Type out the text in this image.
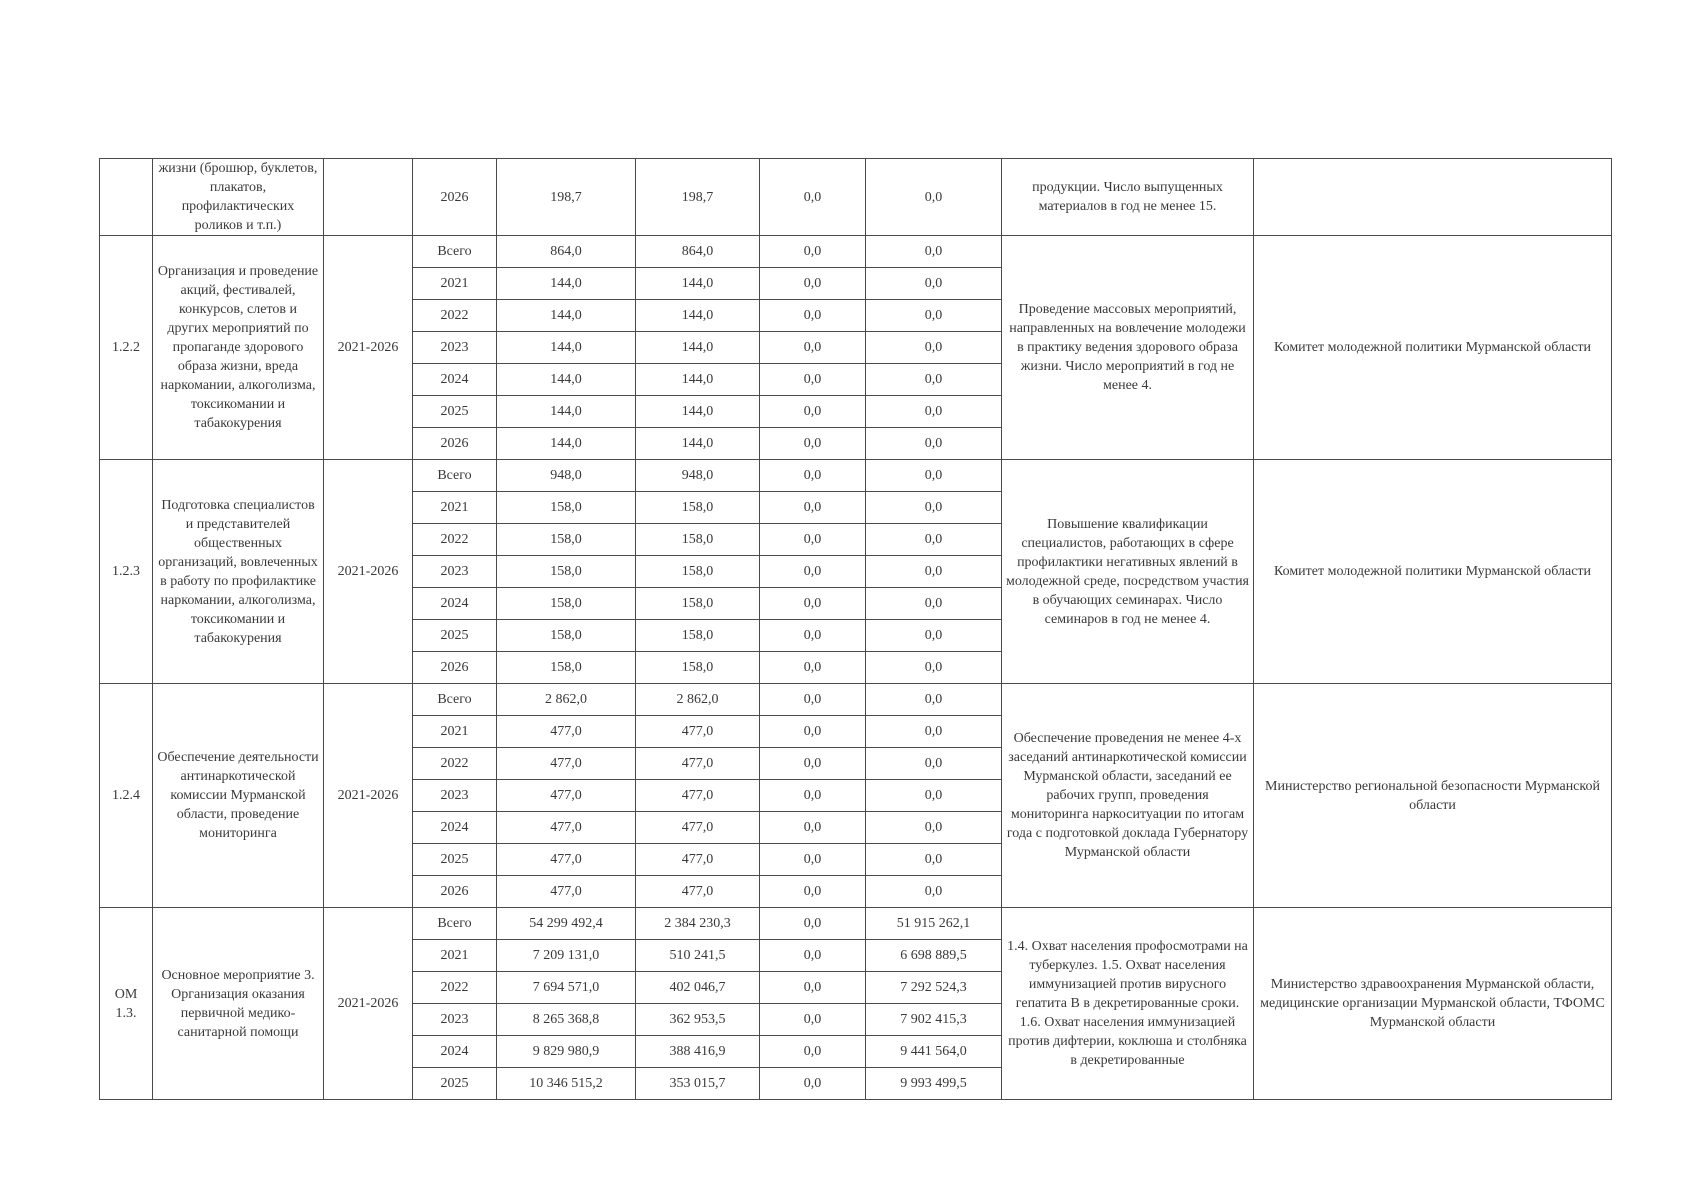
	жизни (брошюр, буклетов, плакатов, профилактических роликов и т.п.)		2026	198,7	198,7	0,0	0,0	продукции. Число выпущенных материалов в год не менее 15.	
1.2.2	Организация и проведение акций, фестивалей, конкурсов, слетов и других мероприятий по пропаганде здорового образа жизни, вреда наркомании, алкоголизма, токсикомании и табакокурения	2021-2026	Всего	864,0	864,0	0,0	0,0	Проведение массовых мероприятий, направленных на вовлечение молодежи в практику ведения здорового образа жизни. Число мероприятий в год не менее 4.	Комитет молодежной политики Мурманской области
			2021	144,0	144,0	0,0	0,0		
			2022	144,0	144,0	0,0	0,0		
			2023	144,0	144,0	0,0	0,0		
			2024	144,0	144,0	0,0	0,0		
			2025	144,0	144,0	0,0	0,0		
			2026	144,0	144,0	0,0	0,0		
1.2.3	Подготовка специалистов и представителей общественных организаций, вовлеченных в работу по профилактике наркомании, алкоголизма, токсикомании и табакокурения	2021-2026	Всего	948,0	948,0	0,0	0,0	Повышение квалификации специалистов, работающих в сфере профилактики негативных явлений в молодежной среде, посредством участия в обучающих семинарах. Число семинаров в год не менее 4.	Комитет молодежной политики Мурманской области
			2021	158,0	158,0	0,0	0,0		
			2022	158,0	158,0	0,0	0,0		
			2023	158,0	158,0	0,0	0,0		
			2024	158,0	158,0	0,0	0,0		
			2025	158,0	158,0	0,0	0,0		
			2026	158,0	158,0	0,0	0,0		
1.2.4	Обеспечение деятельности антинаркотической комиссии Мурманской области, проведение мониторинга	2021-2026	Всего	2 862,0	2 862,0	0,0	0,0	Обеспечение проведения не менее 4-х заседаний антинаркотической комиссии Мурманской области, заседаний ее рабочих групп, проведения мониторинга наркоситуации по итогам года с подготовкой доклада Губернатору Мурманской области	Министерство региональной безопасности Мурманской области
			2021	477,0	477,0	0,0	0,0		
			2022	477,0	477,0	0,0	0,0		
			2023	477,0	477,0	0,0	0,0		
			2024	477,0	477,0	0,0	0,0		
			2025	477,0	477,0	0,0	0,0		
			2026	477,0	477,0	0,0	0,0		
ОМ 1.3.	Основное мероприятие 3. Организация оказания первичной медико-санитарной помощи	2021-2026	Всего	54 299 492,4	2 384 230,3	0,0	51 915 262,1	1.4. Охват населения профосмотрами на туберкулез. 1.5. Охват населения иммунизацией против вирусного гепатита В в декретированные сроки. 1.6. Охват населения иммунизацией против дифтерии, коклюша и столбняка в декретированные	Министерство здравоохранения Мурманской области, медицинские организации Мурманской области, ТФОМС Мурманской области
			2021	7 209 131,0	510 241,5	0,0	6 698 889,5		
			2022	7 694 571,0	402 046,7	0,0	7 292 524,3		
			2023	8 265 368,8	362 953,5	0,0	7 902 415,3		
			2024	9 829 980,9	388 416,9	0,0	9 441 564,0		
			2025	10 346 515,2	353 015,7	0,0	9 993 499,5		
